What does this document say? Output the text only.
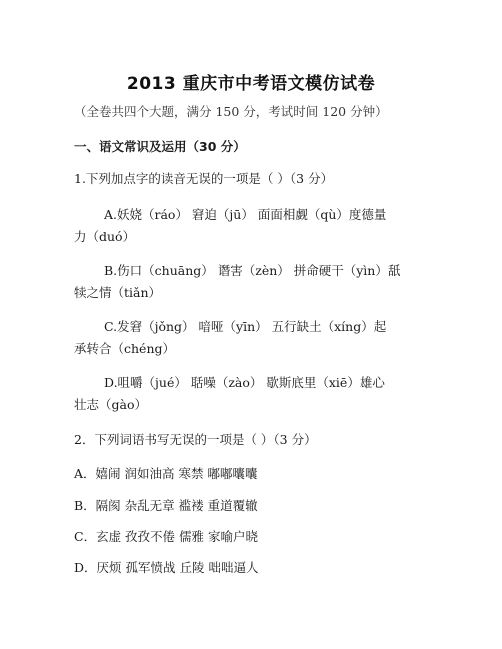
2013 重庆市中考语文模仿试卷
（全卷共四个大题，满分 150 分，考试时间 120 分钟）
一、语文常识及运用（30 分）
1.下列加点字的读音无误的一项是（ ）（3 分）
A.妖娆（ráo） 窘迫（jū） 面面相觑（qù）度德量
力（duó）
B.伤口（chuāng） 谮害（zèn） 拼命硬干（yìn）舐
犊之情（tiǎn）
C.发窘（jǒng） 喑哑（yīn） 五行缺土（xíng）起
承转合（chéng）
D.咀嚼（jué） 聒噪（zào） 歇斯底里（xiē）雄心
壮志（gào）
2．下列词语书写无误的一项是（ ）（3 分）
A．嬉闹 润如油高 寒禁 嘟嘟囔囔
B．隔阂 杂乱无章 褴褛 重道覆辙
C．玄虚 孜孜不倦 儒雅 家喻户晓
D．厌烦 孤军愤战 丘陵 咄咄逼人
